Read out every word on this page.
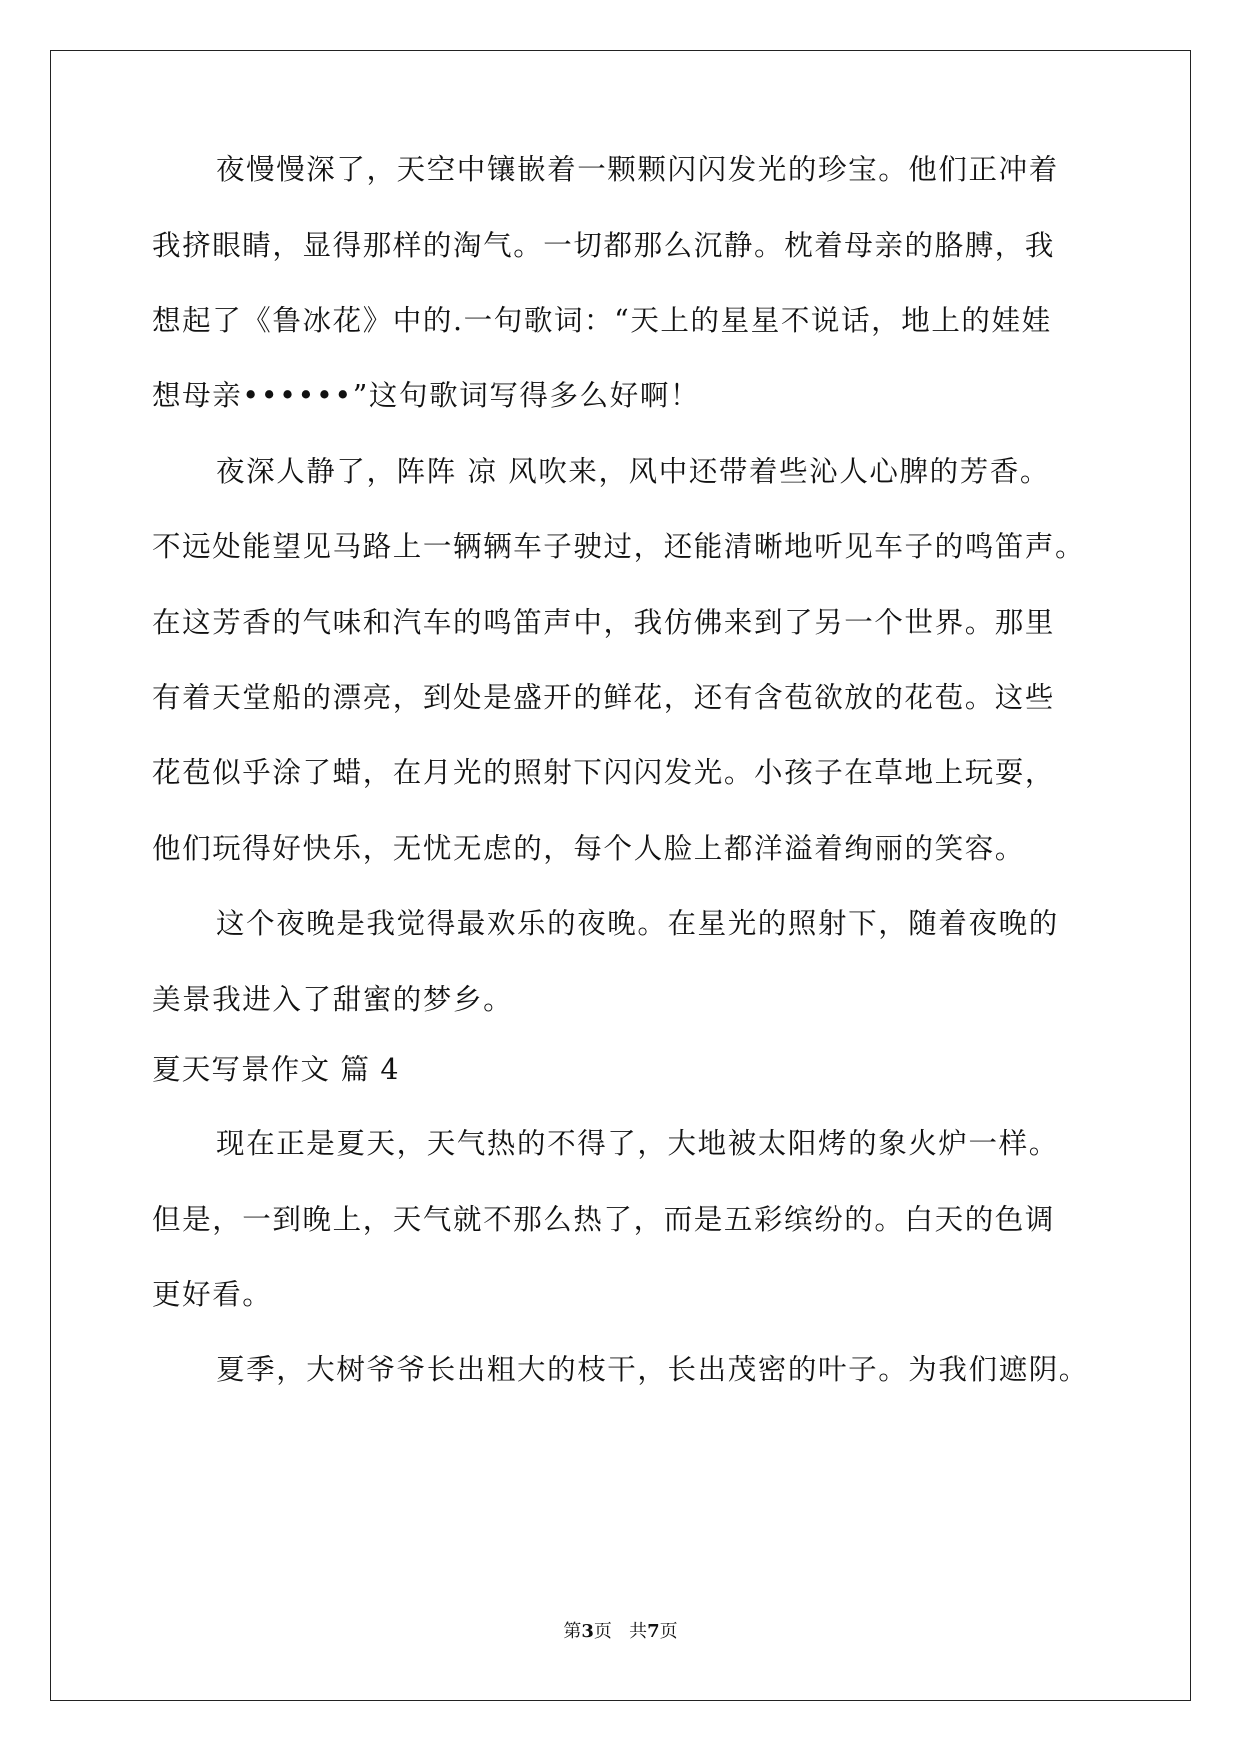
夜慢慢深了，天空中镶嵌着一颗颗闪闪发光的珍宝。他们正冲着
我挤眼睛，显得那样的淘气。一切都那么沉静。枕着母亲的胳膊，我
想起了《鲁冰花》中的.一句歌词：“天上的星星不说话，地上的娃娃
想母亲••••••”这句歌词写得多么好啊！
夜深人静了，阵阵 凉 风吹来，风中还带着些沁人心脾的芳香。
不远处能望见马路上一辆辆车子驶过，还能清晰地听见车子的鸣笛声。
在这芳香的气味和汽车的鸣笛声中，我仿佛来到了另一个世界。那里
有着天堂船的漂亮，到处是盛开的鲜花，还有含苞欲放的花苞。这些
花苞似乎涂了蜡，在月光的照射下闪闪发光。小孩子在草地上玩耍，
他们玩得好快乐，无忧无虑的，每个人脸上都洋溢着绚丽的笑容。
这个夜晚是我觉得最欢乐的夜晚。在星光的照射下，随着夜晚的
美景我进入了甜蜜的梦乡。
夏天写景作文 篇 4
现在正是夏天，天气热的不得了，大地被太阳烤的象火炉一样。
但是，一到晚上，天气就不那么热了，而是五彩缤纷的。白天的色调
更好看。
夏季，大树爷爷长出粗大的枝干，长出茂密的叶子。为我们遮阴。
第3页 共7页
